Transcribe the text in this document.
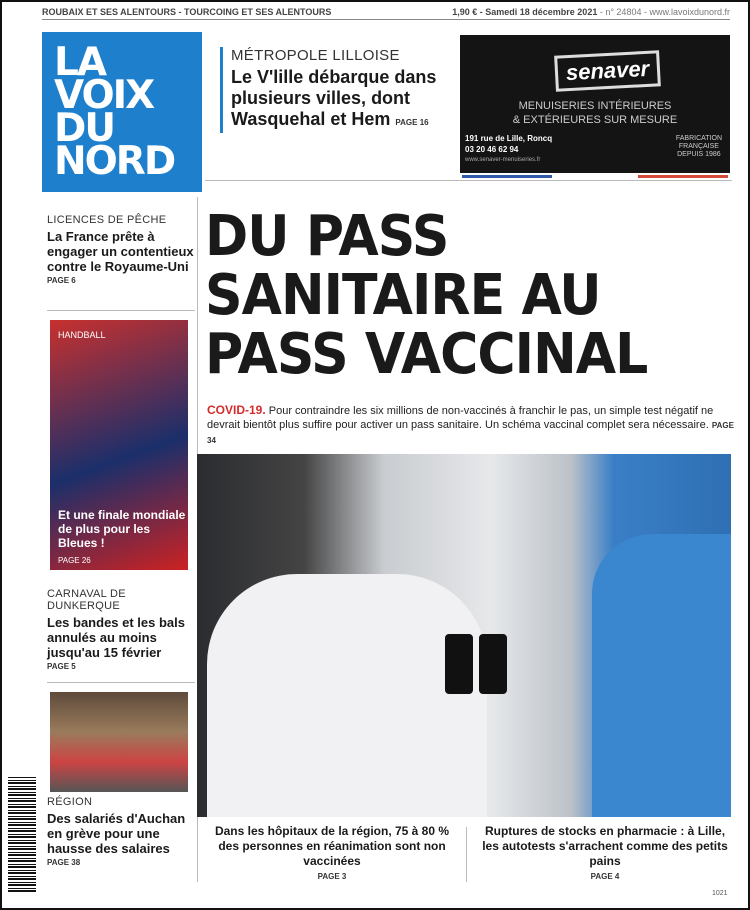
ROUBAIX ET SES ALENTOURS - TOURCOING ET SES ALENTOURS	1,90 € - Samedi 18 décembre 2021 - n° 24804 - www.lavoixdunord.fr
LA
VOIX
DU
NORD
MÉTROPOLE LILLOISE
Le V'lille débarque dans plusieurs villes, dont Wasquehal et Hem PAGE 16
senaver
MENUISERIES INTÉRIEURES
& EXTÉRIEURES SUR MESURE
191 rue de Lille, Roncq
03 20 46 62 94
www.senaver-menuiseries.fr
FABRICATION
FRANÇAISE
DEPUIS 1986
LICENCES DE PÊCHE
La France prête à engager un contentieux contre le Royaume-Uni
PAGE 6
HANDBALL
Et une finale mondiale de plus pour les Bleues !
PAGE 26
CARNAVAL DE DUNKERQUE
Les bandes et les bals annulés au moins jusqu'au 15 février
PAGE 5
RÉGION
Des salariés d'Auchan en grève pour une hausse des salaires
PAGE 38
DU PASS SANITAIRE AU PASS VACCINAL
COVID-19. Pour contraindre les six millions de non-vaccinés à franchir le pas, un simple test négatif ne devrait bientôt plus suffire pour activer un pass sanitaire. Un schéma vaccinal complet sera nécessaire. PAGE 34
Dans les hôpitaux de la région, 75 à 80 % des personnes en réanimation sont non vaccinées
PAGE 3
Ruptures de stocks en pharmacie : à Lille, les autotests s'arrachent comme des petits pains
PAGE 4
1021
